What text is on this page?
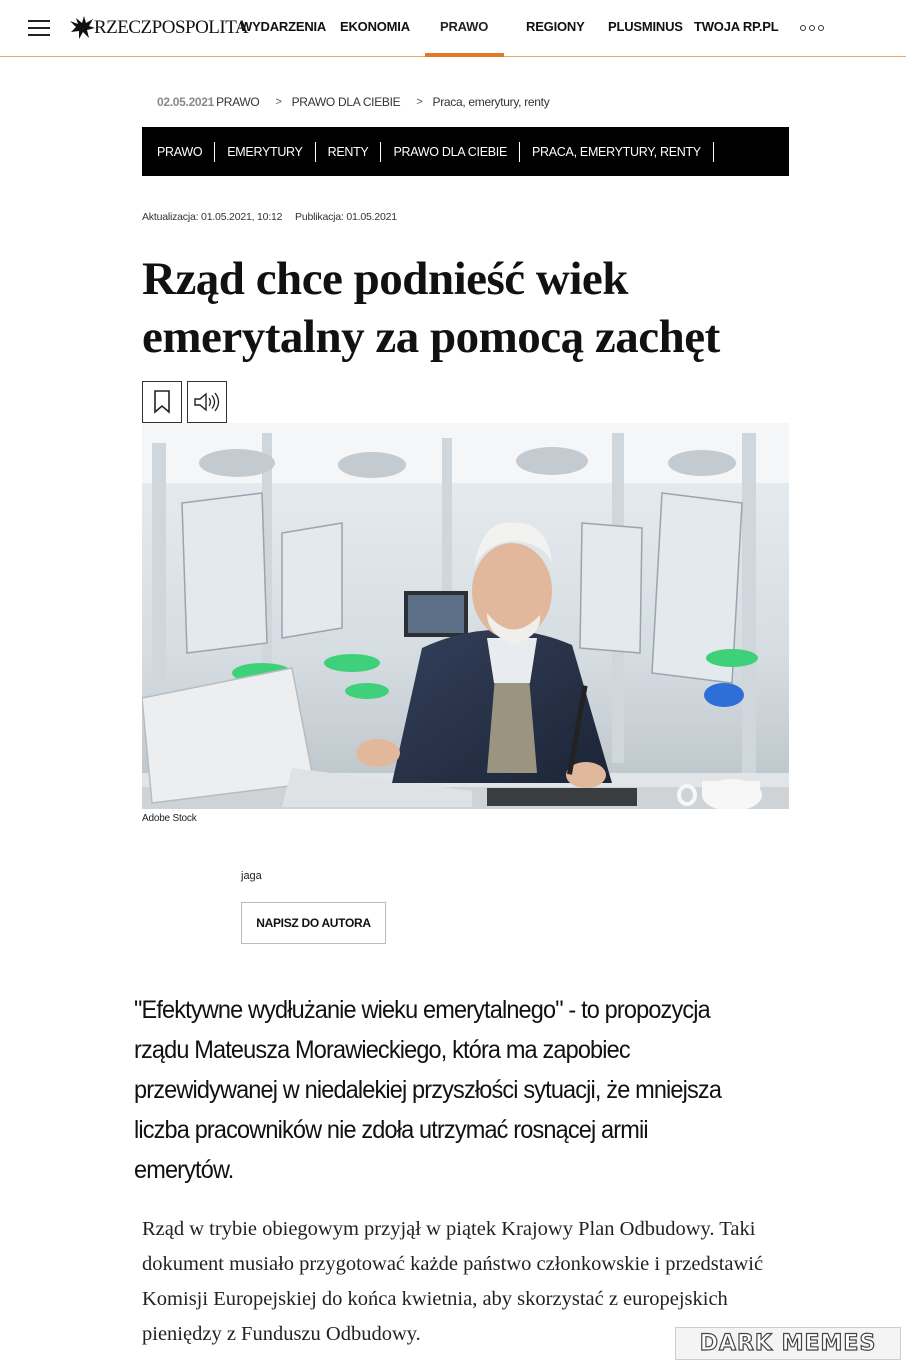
RZECZPOSPOLITA
WYDARZENIA EKONOMIA PRAWO	REGIONY PLUSMINUS TWOJA RP.PL
02.05.2021 PRAWO > PRAWO DLA CIEBIE > Praca, emerytury, renty
PRAWO	EMERYTURY	RENTY	PRAWO DLA CIEBIE	PRACA, EMERYTURY, RENTY
Aktualizacja: 01.05.2021, 10:12 Publikacja: 01.05.2021
Rząd chce podnieść wiek emerytalny za pomocą zachęt
Adobe Stock
jaga
NAPISZ DO AUTORA

"Efektywne wydłużanie wieku emerytalnego" - to propozycja rządu Mateusza Morawieckiego, która ma zapobiec przewidywanej w niedalekiej przyszłości sytuacji, że mniejsza liczba pracowników nie zdoła utrzymać rosnącej armii emerytów.

Rząd w trybie obiegowym przyjął w piątek Krajowy Plan Odbudowy. Taki dokument musiało przygotować każde państwo członkowskie i przedstawić Komisji Europejskiej do końca kwietnia, aby skorzystać z europejskich pieniędzy z Funduszu Odbudowy.	DARK MEMES
